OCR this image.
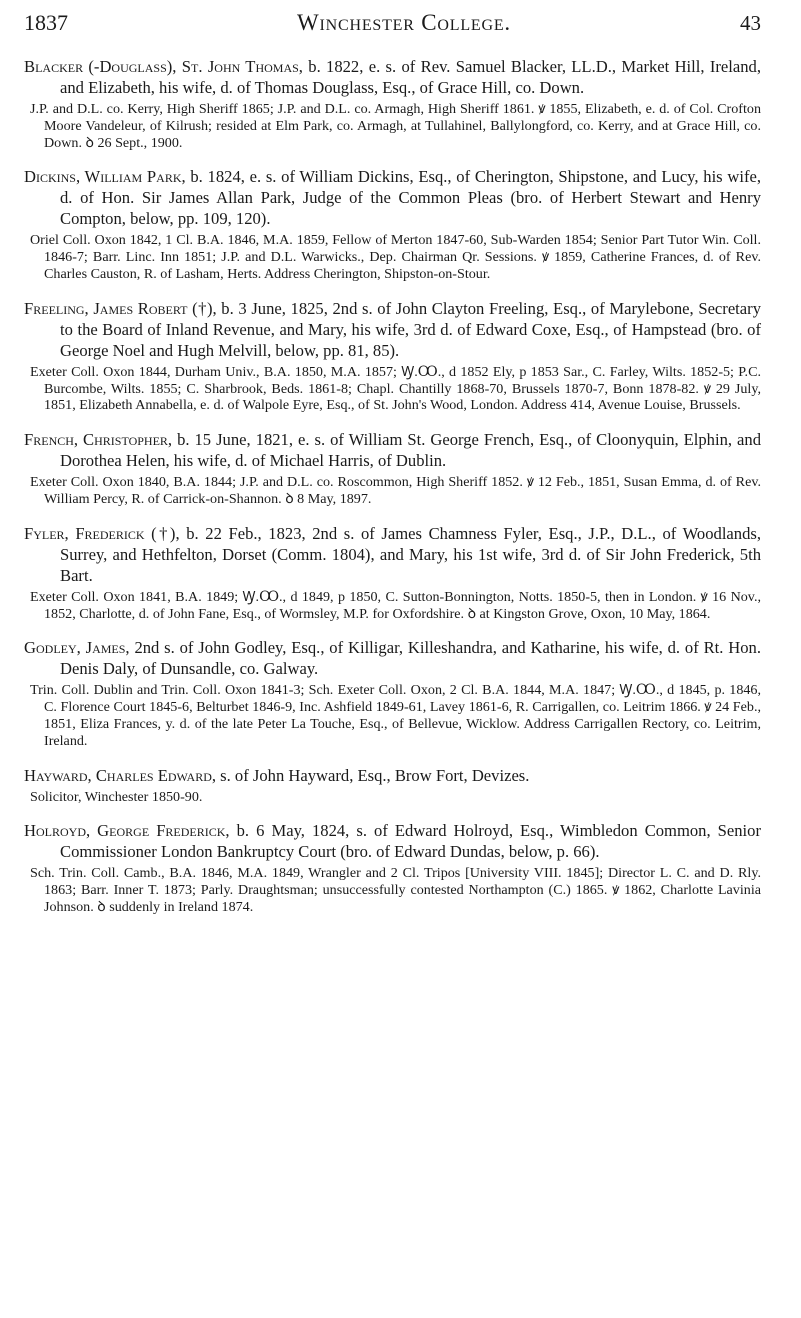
1837	Winchester College.	43
Blacker (-Douglass), St. John Thomas, b. 1822, e. s. of Rev. Samuel Blacker, LL.D., Market Hill, Ireland, and Elizabeth, his wife, d. of Thomas Douglass, Esq., of Grace Hill, co. Down.
J.P. and D.L. co. Kerry, High Sheriff 1865; J.P. and D.L. co. Armagh, High Sheriff 1861. ꝟ 1855, Elizabeth, e. d. of Col. Crofton Moore Vandeleur, of Kilrush; resided at Elm Park, co. Armagh, at Tullahinel, Ballylongford, co. Kerry, and at Grace Hill, co. Down. ꝺ 26 Sept., 1900.
Dickins, William Park, b. 1824, e. s. of William Dickins, Esq., of Cherington, Shipstone, and Lucy, his wife, d. of Hon. Sir James Allan Park, Judge of the Common Pleas (bro. of Herbert Stewart and Henry Compton, below, pp. 109, 120).
Oriel Coll. Oxon 1842, 1 Cl. B.A. 1846, M.A. 1859, Fellow of Merton 1847-60, Sub-Warden 1854; Senior Part Tutor Win. Coll. 1846-7; Barr. Linc. Inn 1851; J.P. and D.L. Warwicks., Dep. Chairman Qr. Sessions. ꝟ 1859, Catherine Frances, d. of Rev. Charles Causton, R. of Lasham, Herts. Address Cherington, Shipston-on-Stour.
Freeling, James Robert (†), b. 3 June, 1825, 2nd s. of John Clayton Freeling, Esq., of Marylebone, Secretary to the Board of Inland Revenue, and Mary, his wife, 3rd d. of Edward Coxe, Esq., of Hampstead (bro. of George Noel and Hugh Melvill, below, pp. 81, 85).
Exeter Coll. Oxon 1844, Durham Univ., B.A. 1850, M.A. 1857; Ꝡ.Ꝏ., d 1852 Ely, p 1853 Sar., C. Farley, Wilts. 1852-5; P.C. Burcombe, Wilts. 1855; C. Sharbrook, Beds. 1861-8; Chapl. Chantilly 1868-70, Brussels 1870-7, Bonn 1878-82. ꝟ 29 July, 1851, Elizabeth Annabella, e. d. of Walpole Eyre, Esq., of St. John's Wood, London. Address 414, Avenue Louise, Brussels.
French, Christopher, b. 15 June, 1821, e. s. of William St. George French, Esq., of Cloonyquin, Elphin, and Dorothea Helen, his wife, d. of Michael Harris, of Dublin.
Exeter Coll. Oxon 1840, B.A. 1844; J.P. and D.L. co. Roscommon, High Sheriff 1852. ꝟ 12 Feb., 1851, Susan Emma, d. of Rev. William Percy, R. of Carrick-on-Shannon. ꝺ 8 May, 1897.
Fyler, Frederick (†), b. 22 Feb., 1823, 2nd s. of James Chamness Fyler, Esq., J.P., D.L., of Woodlands, Surrey, and Hethfelton, Dorset (Comm. 1804), and Mary, his 1st wife, 3rd d. of Sir John Frederick, 5th Bart.
Exeter Coll. Oxon 1841, B.A. 1849; Ꝡ.Ꝏ., d 1849, p 1850, C. Sutton-Bonnington, Notts. 1850-5, then in London. ꝟ 16 Nov., 1852, Charlotte, d. of John Fane, Esq., of Wormsley, M.P. for Oxfordshire. ꝺ at Kingston Grove, Oxon, 10 May, 1864.
Godley, James, 2nd s. of John Godley, Esq., of Killigar, Killeshandra, and Katharine, his wife, d. of Rt. Hon. Denis Daly, of Dunsandle, co. Galway.
Trin. Coll. Dublin and Trin. Coll. Oxon 1841-3; Sch. Exeter Coll. Oxon, 2 Cl. B.A. 1844, M.A. 1847; Ꝡ.Ꝏ., d 1845, p. 1846, C. Florence Court 1845-6, Belturbet 1846-9, Inc. Ashfield 1849-61, Lavey 1861-6, R. Carrigallen, co. Leitrim 1866. ꝟ 24 Feb., 1851, Eliza Frances, y. d. of the late Peter La Touche, Esq., of Bellevue, Wicklow. Address Carrigallen Rectory, co. Leitrim, Ireland.
Hayward, Charles Edward, s. of John Hayward, Esq., Brow Fort, Devizes.
Solicitor, Winchester 1850-90.
Holroyd, George Frederick, b. 6 May, 1824, s. of Edward Holroyd, Esq., Wimbledon Common, Senior Commissioner London Bankruptcy Court (bro. of Edward Dundas, below, p. 66).
Sch. Trin. Coll. Camb., B.A. 1846, M.A. 1849, Wrangler and 2 Cl. Tripos [University VIII. 1845]; Director L. C. and D. Rly. 1863; Barr. Inner T. 1873; Parly. Draughtsman; unsuccessfully contested Northampton (C.) 1865. ꝟ 1862, Charlotte Lavinia Johnson. ꝺ suddenly in Ireland 1874.
